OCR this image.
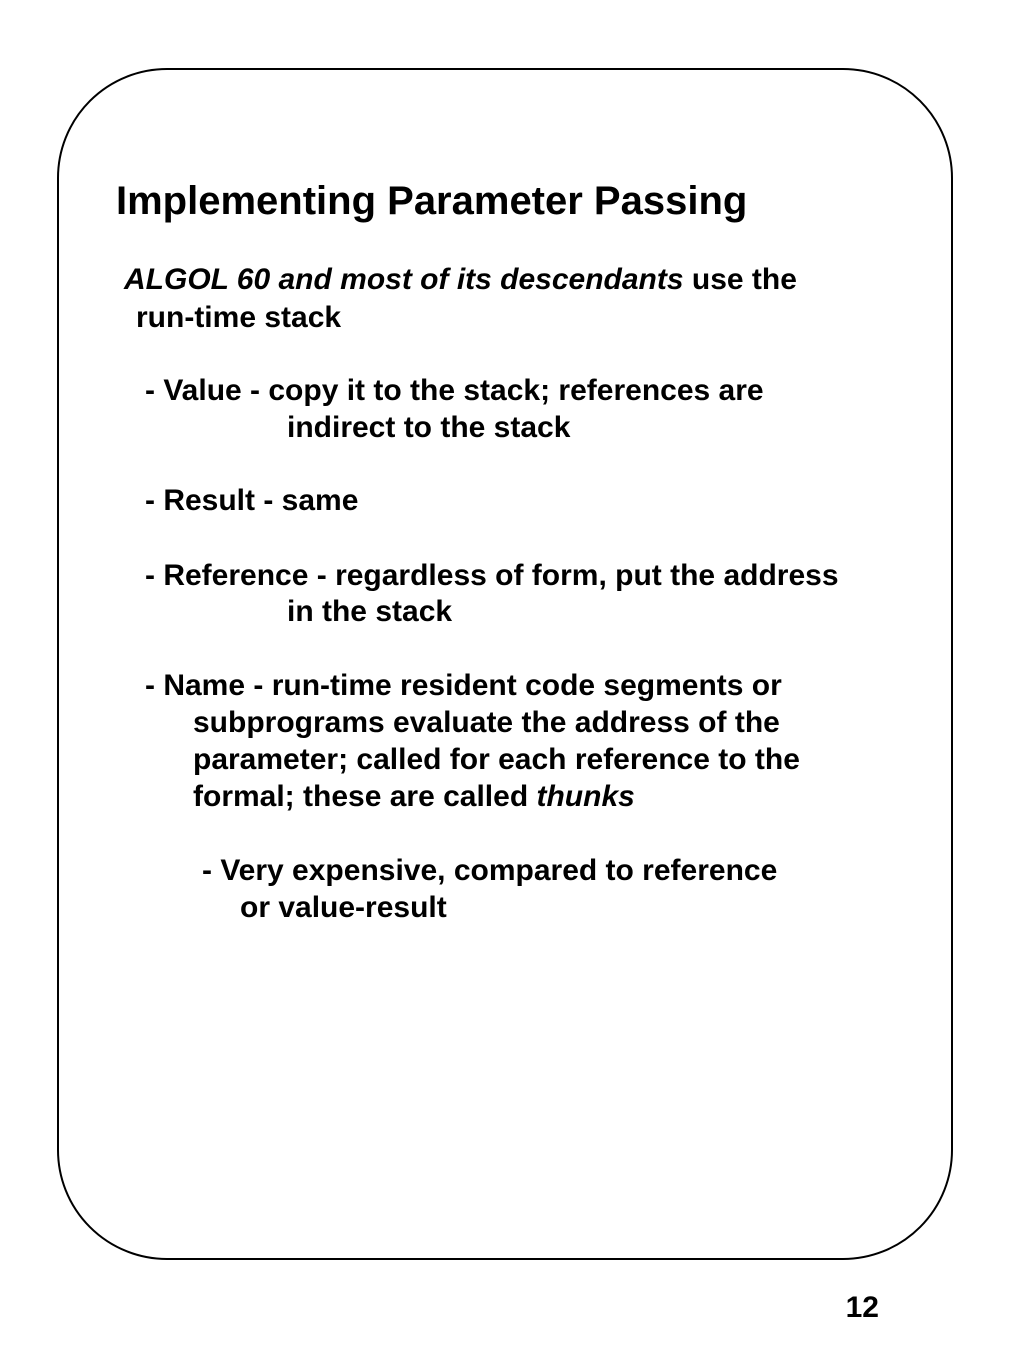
Implementing Parameter Passing
ALGOL 60 and most of its descendants use the
run-time stack
- Value - copy it to the stack; references are
indirect to the stack
- Result - same
- Reference - regardless of form, put the address
in the stack
- Name - run-time resident code segments or
subprograms evaluate the address of the
parameter; called for each reference to the
formal; these are called thunks
- Very expensive, compared to reference
or value-result
12
